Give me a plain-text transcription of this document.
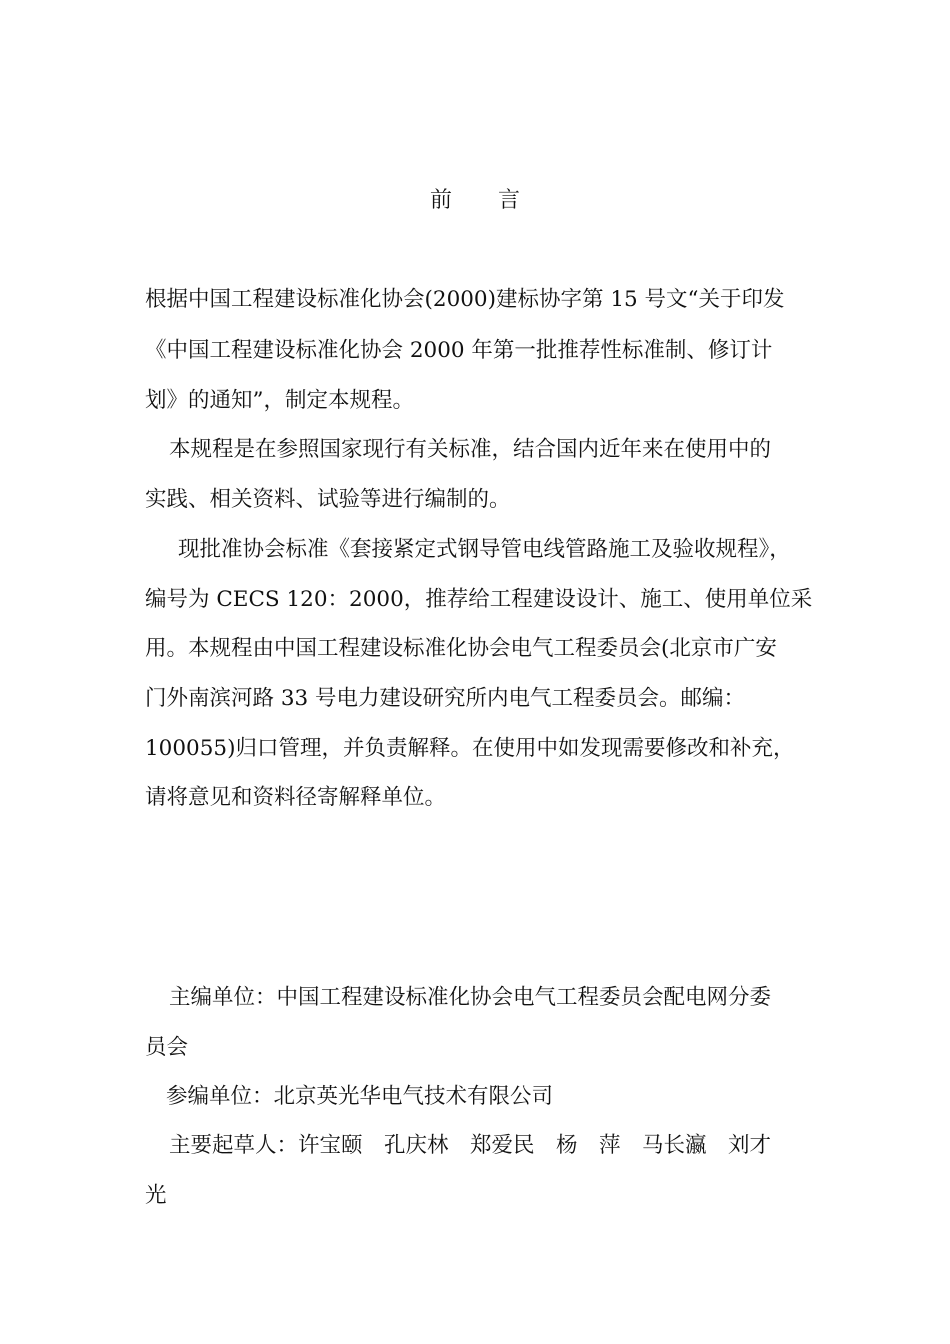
前 言

根据中国工程建设标准化协会(2000)建标协字第 15 号文“关于印发

《中国工程建设标准化协会 2000 年第一批推荐性标准制、修订计

划》的通知”，制定本规程。

本规程是在参照国家现行有关标准，结合国内近年来在使用中的

实践、相关资料、试验等进行编制的。

现批准协会标准《套接紧定式钢导管电线管路施工及验收规程》，

编号为 CECS 120：2000，推荐给工程建设设计、施工、使用单位采

用。本规程由中国工程建设标准化协会电气工程委员会(北京市广安

门外南滨河路 33 号电力建设研究所内电气工程委员会。邮编：

100055)归口管理，并负责解释。在使用中如发现需要修改和补充，

请将意见和资料径寄解释单位。

主编单位：中国工程建设标准化协会电气工程委员会配电网分委

员会

参编单位：北京英光华电气技术有限公司

主要起草人：许宝颐　孔庆林　郑爱民　杨　萍　马长瀛　刘才

光
